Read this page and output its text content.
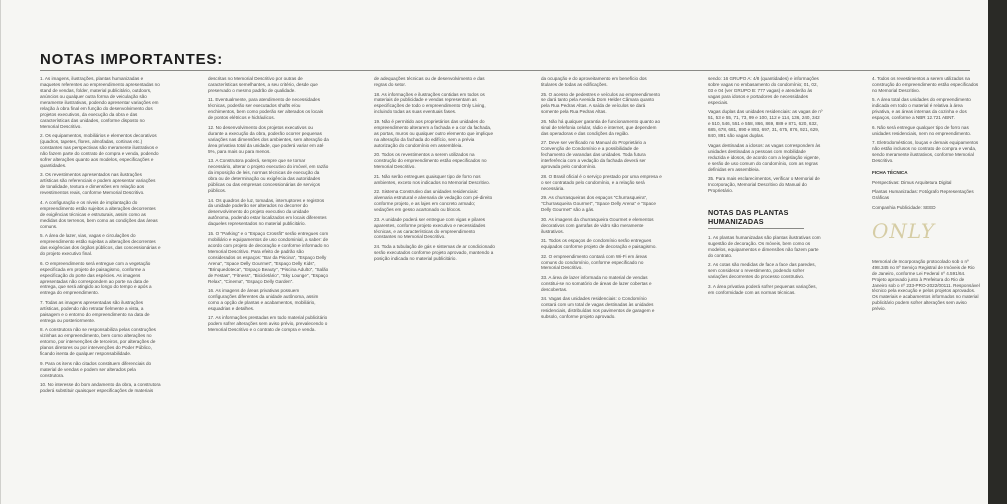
NOTAS IMPORTANTES:

1. As imagens, ilustrações, plantas humanizadas e maquetes referentes ao empreendimento apresentadas no stand de vendas, folder, material publicitário, outdoors, anúncios ou qualquer outra forma de veiculação são meramente ilustrativas, podendo apresentar variações em relação à obra final em função do desenvolvimento dos projetos executivos, da execução da obra e das características das unidades, conforme disposto no Memorial Descritivo.

2. Os equipamentos, mobiliários e elementos decorativos (quadros, tapetes, flores, almofadas, cortinas etc.) constantes nas perspectivas são meramente ilustrativos e não fazem parte do contrato de compra e venda, podendo sofrer alterações quanto aos modelos, especificações e quantidades.

3. Os revestimentos apresentados nas ilustrações artísticas são referenciais e podem apresentar variações de tonalidade, textura e dimensões em relação aos revestimentos reais, conforme Memorial Descritivo.

4. A configuração e os níveis de implantação do empreendimento estão sujeitos a alterações decorrentes de exigências técnicas e estruturais, assim como as medidas dos terrenos, bem como as condições das áreas comuns.

5. A área de lazer, vias, vagas e circulações do empreendimento estão sujeitas a alterações decorrentes das exigências dos órgãos públicos, das concessionárias e do projeto executivo final.

6. O empreendimento será entregue com a vegetação especificada em projeto de paisagismo, conforme a especificação do porte das espécies. As imagens apresentadas não correspondem ao porte na data de entrega, que será atingido ao longo do tempo e após a entrega do empreendimento.

7. Todas as imagens apresentadas são ilustrações artísticas, podendo não retratar fielmente a vista, a paisagem e o entorno do empreendimento na data de entrega ou posteriormente.

8. A construtora não se responsabiliza pelas construções vizinhas ao empreendimento, bem como alterações no entorno, por intervenções de terceiros, por alterações de planos diretores ou por intervenções do Poder Público, ficando isenta de qualquer responsabilidade.

9. Para os itens não citados constituem diferenciais do material de vendas e podem ser alterados pela construtora.

10. No interesse do bom andamento da obra, a construtora poderá substituir quaisquer especificações de materiais

descritas no Memorial Descritivo por outras de características semelhantes, a seu critério, desde que preservado o mesmo padrão de qualidade.

11. Eventualmente, para atendimento de necessidades técnicas, poderão ser executados shafts e/ou enchimentos, bem como poderão ser alterados os locais de pontos elétricos e hidráulicos.

12. No desenvolvimento dos projetos executivos ou durante a execução da obra, poderão ocorrer pequenas variações nas dimensões dos ambientes, sem alteração da área privativa total da unidade, que poderá variar em até 5%, para mais ou para menos.

13. A Construtora poderá, sempre que se tornar necessário, alterar o projeto executivo do imóvel, em razão da imposição de leis, normas técnicas de execução da obra ou de determinação ou exigência das autoridades públicas ou das empresas concessionárias de serviços públicos.

14. Os quadros de luz, tomadas, interruptores e registros da unidade poderão ser alterados no decorrer do desenvolvimento do projeto executivo da unidade autônoma, podendo estar localizados em locais diferentes daqueles representados no material publicitário.

15. O "Parking" e o "Espaço Crossfit" serão entregues com mobiliário e equipamentos de uso condominial, a saber: de acordo com projeto de decoração e conforme informado no Memorial Descritivo. Para efeito de padrão são considerados os espaços: "Bar da Piscina", "Espaço Delly Arena", "Space Delly Gourmet", "Espaço Delly Kids", "Brinquedoteca", "Espaço Beauty", "Piscina Adulto", "Salão de Festas", "Fitness", "Bicicletário", "Sky Lounge", "Espaço Relax", "Cinema", "Espaço Delly Garden".

16. As imagens de áreas privativas possuem configurações diferentes da unidade autônoma, assim como a opção de plantas e acabamentos, mobiliário, esquadrias e detalhes.

17. As informações prestadas em todo material publicitário podem sofrer alterações sem aviso prévio, prevalecendo o Memorial Descritivo e o contrato de compra e venda.

de adequações técnicas ou de desenvolvimento e das regras do setor.

18. As informações e ilustrações contidas em todos os materiais de publicidade e vendas representam as especificações de todo o empreendimento Only Living, incluindo todas as suas eventuais fases.

19. Não é permitido aos proprietários das unidades do empreendimento alterarem a fachada e a cor da fachada, as portas, muros ou qualquer outro elemento que implique na alteração da fachada do edifício, sem a prévia autorização do condomínio em assembleia.

20. Todos os revestimentos a serem utilizados na construção do empreendimento estão especificados no Memorial Descritivo.

21. Não serão entregues quaisquer tipo de forro nos ambientes, exceto nos indicados no Memorial Descritivo.

22. Sistema Construtivo das unidades residenciais: alvenaria estrutural e alvenaria de vedação com pé-direito conforme projeto, e as lajes em concreto armado; vedações em gesso acartonado ou blocos.

23. A unidade poderá ser entregue com vigas e pilares aparentes, conforme projeto executivo e necessidades técnicas, e as características do empreendimento constantes no Memorial Descritivo.

24. Toda a tubulação de gás e sistemas de ar condicionado serão executados conforme projeto aprovado, mantendo a posição indicada no material publicitário.

da ocupação e do aproveitamento em benefício dos titulares de todas as edificações.

25. O acesso de pedestres e veículos ao empreendimento se dará tanto pela Avenida Dom Helder Câmara quanto pela Rua Pedras Altas. A saída de veículos se dará somente pela Rua Pedras Altas.

26. Não há qualquer garantia de funcionamento quanto ao sinal de telefonia celular, rádio e internet, que dependem das operadoras e das condições da região.

27. Deve ser verificado no Manual do Proprietário a Convenção de Condomínio e a possibilidade de fechamento de varandas das unidades. Toda futura interferência com a vedação da fachada deverá ser aprovada pelo condomínio.

28. O Brasil oficial é o serviço prestado por uma empresa e o ser contratado pelo condomínio, e a relação será necessária.

29. As churrasqueiras dos espaços "Churrasqueira", "Churrasqueira Gourmet", "Space Delly Arena" e "Space Delly Gourmet" são a gás.

30. As imagens da churrasqueira Gourmet e elementos decorativos com garrafas de vidro são meramente ilustrativos.

31. Todos os espaços de condomínio serão entregues equipados conforme projeto de decoração e paisagismo.

32. O empreendimento contará com Wi-Fi em áreas comuns do condomínio, conforme especificado no Memorial Descritivo.

33. A área de lazer informada no material de vendas constitui-se no somatório de áreas de lazer cobertas e descobertas.

34. Vagas das unidades residenciais: o Condomínio contará com um total de vagas destinadas às unidades residenciais, distribuídas nos pavimentos de garagem e subsolo, conforme projeto aprovado.

sendo: 16 GRUPO A: 4/8 (quantidades) e informações sobre vagas no embasamento do condomínio; 01, 02, 03 e 04 (ver GRUPO B: 777 vagas) e atenderão às vagas para idosos e portadores de necessidades especiais.

Vagas duplas das unidades residenciais: as vagas de nº 51, 53 e 55, 71, 73, 99 e 100, 112 e 114, 136, 240, 342 e 510, 546, 551 e 558, 866, 869, 889 e 871, 620, 632, 685, 678, 681, 890 e 893, 697, 31, 675, 876, 921, 629, 840, 891 são vagas duplas.

Vagas destinadas a idosos: as vagas correspondem às unidades destinadas a pessoas com mobilidade reduzida e idosos, de acordo com a legislação vigente, e serão de uso comum do condomínio, com as regras definidas em assembleia.

35. Para mais esclarecimentos, verificar o Memorial de Incorporação, Memorial Descritivo do Manual do Proprietário.

NOTAS DAS PLANTAS HUMANIZADAS

1. As plantas humanizadas são plantas ilustrativas com sugestão de decoração. Os móveis, bem como os modelos, equipamentos e dimensões não fazem parte do contrato.

2. As cotas são medidas de face a face das paredes, sem considerar o revestimento, podendo sofrer variações decorrentes do processo construtivo.

3. A área privativa poderá sofrer pequenas variações, em conformidade com as normas técnicas.

4. Todos os revestimentos a serem utilizados na construção do empreendimento estão especificados no Memorial Descritivo.

5. A área total das unidades do empreendimento indicada em todo o material é relativa à área privativa, e as áreas internas da cozinha e dos espaços, conforme a NBR 12.721 ABNT.

6. Não será entregue qualquer tipo de forro nas unidades residenciais, nem no empreendimento.

7. Eletrodomésticos, louças e demais equipamentos não estão inclusos no contrato de compra e venda, sendo meramente ilustrativos, conforme Memorial Descritivo.

FICHA TÉCNICA

Perspectivas: Dimus Arquitetura Digital

Plantas Humanizadas: Fotógrafo Representações Gráficas

Companhia Publicidade: SEED

ONLY

Memorial de Incorporação protocolado sob o nº 498.345 no 8º Serviço Registral de Imóveis de Rio de Janeiro, conforme Lei Federal nº 4.591/64. Projeto aprovado junto à Prefeitura do Rio de Janeiro sob o nº 233-PRO-2022/00111. Responsável técnico pela execução e pelos projetos aprovados. Os materiais e acabamentos informados no material publicitário podem sofrer alterações sem aviso prévio.
